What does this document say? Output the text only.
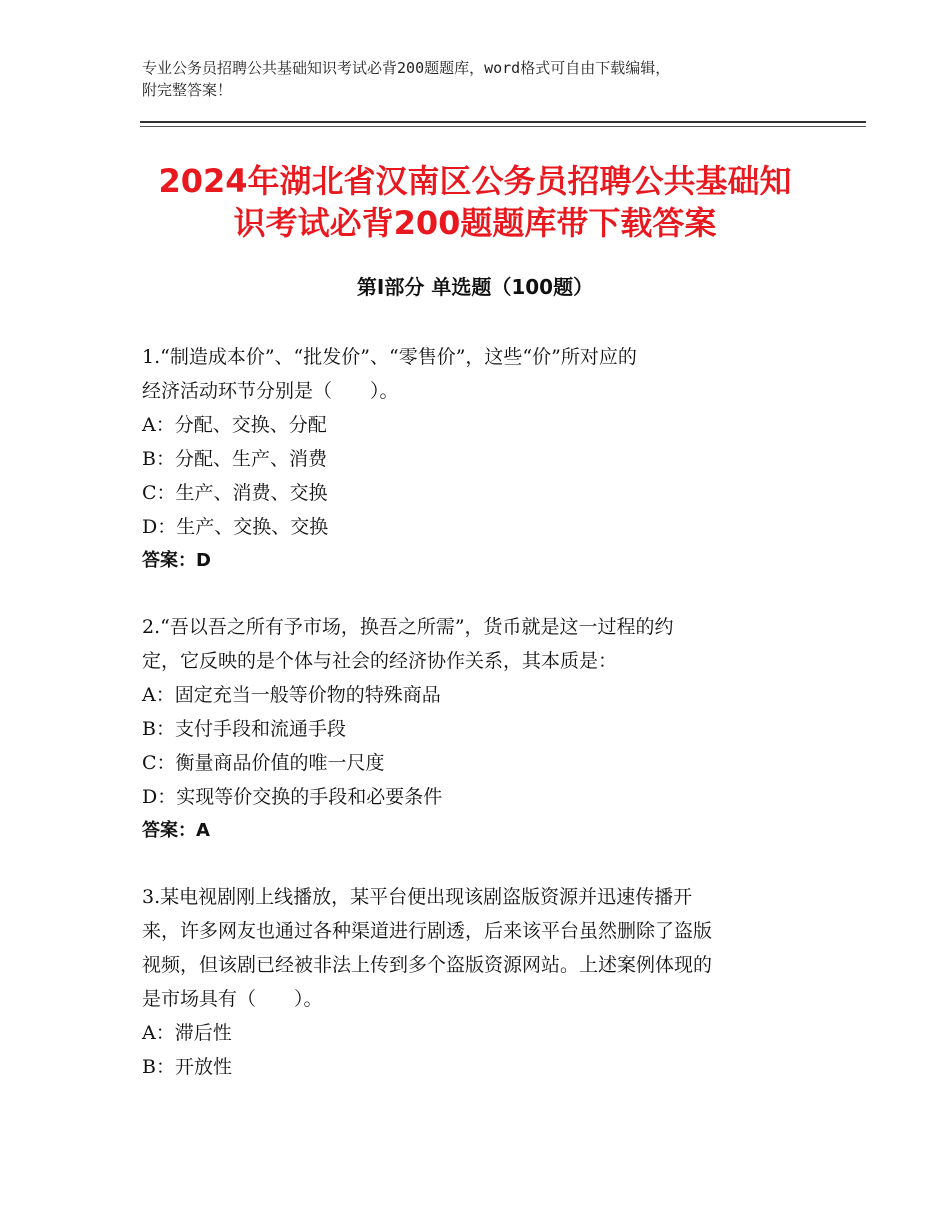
专业公务员招聘公共基础知识考试必背200题题库，word格式可自由下载编辑，
附完整答案！
2024年湖北省汉南区公务员招聘公共基础知
识考试必背200题题库带下载答案
第Ⅰ部分 单选题（100题）
1.“制造成本价”、“批发价”、“零售价”，这些“价”所对应的
经济活动环节分别是（　　）。
A：分配、交换、分配
B：分配、生产、消费
C：生产、消费、交换
D：生产、交换、交换
答案：D
2.“吾以吾之所有予市场，换吾之所需”，货币就是这一过程的约
定，它反映的是个体与社会的经济协作关系，其本质是：
A：固定充当一般等价物的特殊商品
B：支付手段和流通手段
C：衡量商品价值的唯一尺度
D：实现等价交换的手段和必要条件
答案：A
3.某电视剧刚上线播放，某平台便出现该剧盗版资源并迅速传播开
来，许多网友也通过各种渠道进行剧透，后来该平台虽然删除了盗版
视频，但该剧已经被非法上传到多个盗版资源网站。上述案例体现的
是市场具有（　　）。
A：滞后性
B：开放性
